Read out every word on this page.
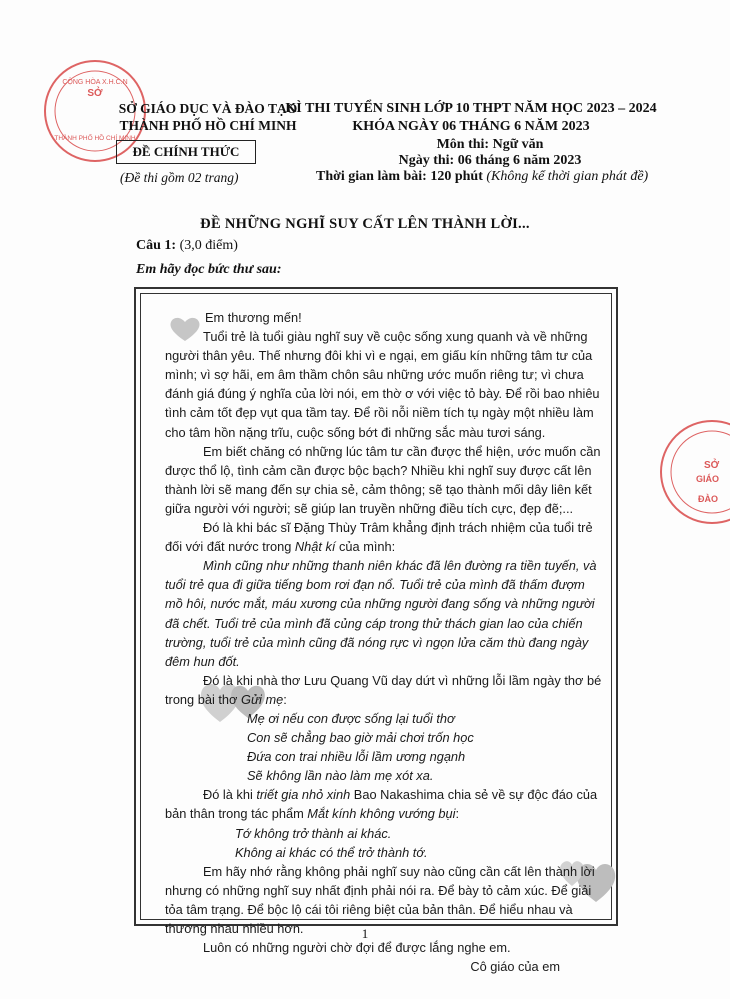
CỘNG HÒA X.H.C.N
SỞ
THÀNH PHỐ HỒ CHÍ MINH
SỞ GIÁO DỤC VÀ ĐÀO TẠO
THÀNH PHỐ HỒ CHÍ MINH
ĐỀ CHÍNH THỨC
(Đề thi gồm 02 trang)
KÌ THI TUYỂN SINH LỚP 10 THPT NĂM HỌC 2023 – 2024
KHÓA NGÀY 06 THÁNG 6 NĂM 2023
Môn thi: Ngữ văn
Ngày thi: 06 tháng 6 năm 2023
Thời gian làm bài: 120 phút (Không kể thời gian phát đề)
ĐỀ NHỮNG NGHĨ SUY CẤT LÊN THÀNH LỜI...
Câu 1: (3,0 điểm)
Em hãy đọc bức thư sau:

Em thương mến!

Tuổi trẻ là tuổi giàu nghĩ suy về cuộc sống xung quanh và về những người thân yêu. Thế nhưng đôi khi vì e ngại, em giấu kín những tâm tư của mình; vì sợ hãi, em âm thầm chôn sâu những ước muốn riêng tư; vì chưa đánh giá đúng ý nghĩa của lời nói, em thờ ơ với việc tỏ bày. Để rồi bao nhiêu tình cảm tốt đẹp vụt qua tầm tay. Để rồi nỗi niềm tích tụ ngày một nhiều làm cho tâm hồn nặng trĩu, cuộc sống bớt đi những sắc màu tươi sáng.

Em biết chăng có những lúc tâm tư cần được thể hiện, ước muốn cần được thổ lộ, tình cảm cần được bộc bạch? Nhiều khi nghĩ suy được cất lên thành lời sẽ mang đến sự chia sẻ, cảm thông; sẽ tạo thành mối dây liên kết giữa người với người; sẽ giúp lan truyền những điều tích cực, đẹp đẽ;...

Đó là khi bác sĩ Đặng Thùy Trâm khẳng định trách nhiệm của tuổi trẻ đối với đất nước trong Nhật kí của mình:

Mình cũng như những thanh niên khác đã lên đường ra tiền tuyến, và tuổi trẻ qua đi giữa tiếng bom rơi đạn nổ. Tuổi trẻ của mình đã thấm đượm mồ hôi, nước mắt, máu xương của những người đang sống và những người đã chết. Tuổi trẻ của mình đã củng cáp trong thử thách gian lao của chiến trường, tuổi trẻ của mình cũng đã nóng rực vì ngọn lửa căm thù đang ngày đêm hun đốt.

Đó là khi nhà thơ Lưu Quang Vũ day dứt vì những lỗi lầm ngày thơ bé trong bài thơ Gửi mẹ:

Mẹ ơi nếu con được sống lại tuổi thơ

Con sẽ chẳng bao giờ mải chơi trốn học

Đứa con trai nhiều lỗi lầm ương ngạnh

Sẽ không lần nào làm mẹ xót xa.

Đó là khi triết gia nhỏ xinh Bao Nakashima chia sẻ về sự độc đáo của bản thân trong tác phẩm Mắt kính không vướng bụi:

Tớ không trở thành ai khác.

Không ai khác có thể trở thành tớ.

Em hãy nhớ rằng không phải nghĩ suy nào cũng cần cất lên thành lời nhưng có những nghĩ suy nhất định phải nói ra. Để bày tỏ cảm xúc. Để giải tỏa tâm trạng. Để bộc lộ cái tôi riêng biệt của bản thân. Để hiểu nhau và thương nhau nhiều hơn.

Luôn có những người chờ đợi để được lắng nghe em.

Cô giáo của em

SỞ
GIÁO
ĐÀO
1
